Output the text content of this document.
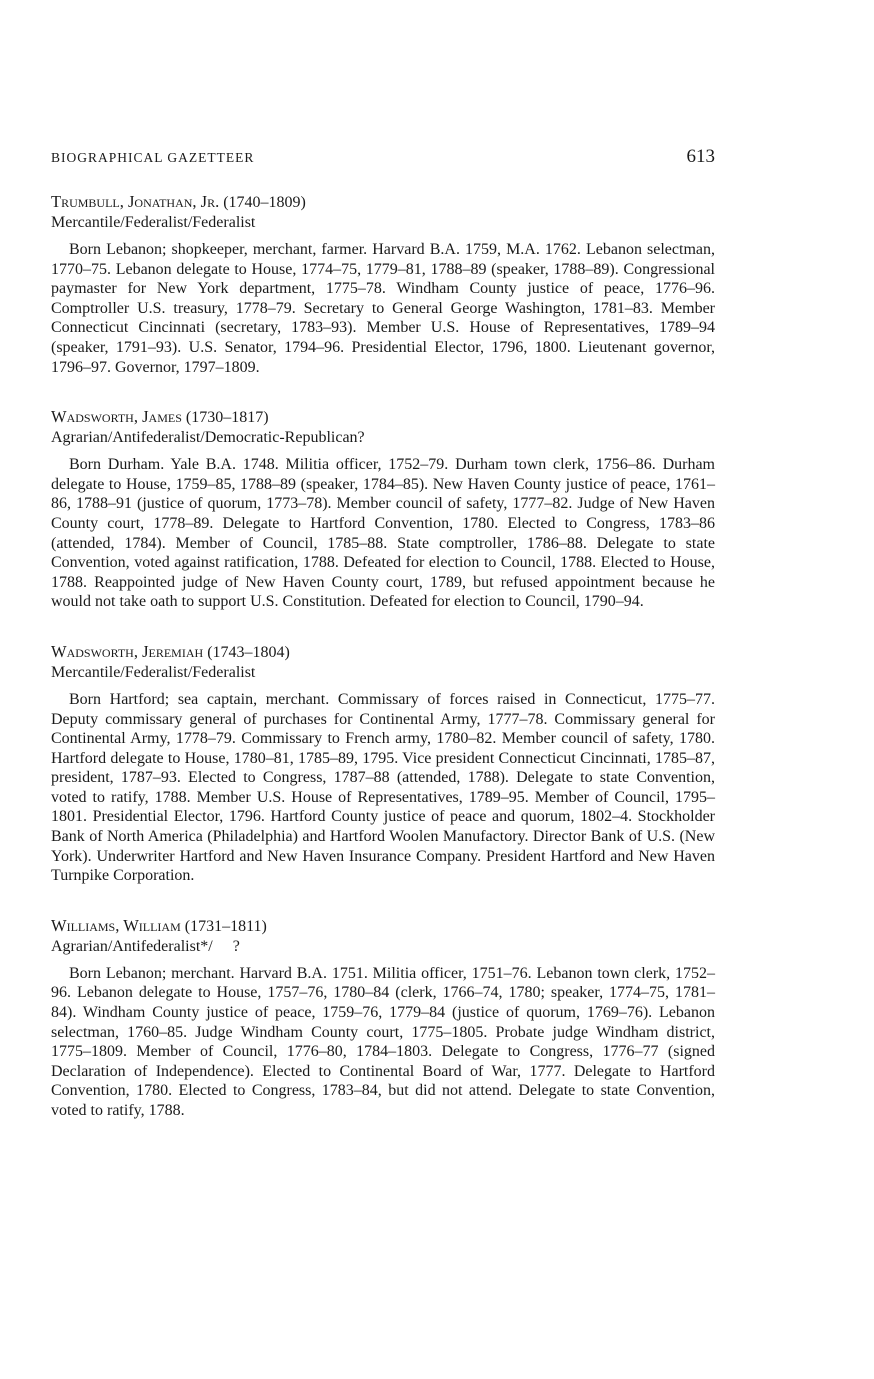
BIOGRAPHICAL GAZETTEER	613
Trumbull, Jonathan, Jr. (1740–1809)
Mercantile/Federalist/Federalist

Born Lebanon; shopkeeper, merchant, farmer. Harvard B.A. 1759, M.A. 1762. Lebanon selectman, 1770–75. Lebanon delegate to House, 1774–75, 1779–81, 1788–89 (speaker, 1788–89). Congressional paymaster for New York department, 1775–78. Windham County justice of peace, 1776–96. Comptroller U.S. treasury, 1778–79. Secretary to General George Washington, 1781–83. Member Connecticut Cincinnati (secretary, 1783–93). Member U.S. House of Representatives, 1789–94 (speaker, 1791–93). U.S. Senator, 1794–96. Presidential Elector, 1796, 1800. Lieutenant governor, 1796–97. Governor, 1797–1809.

Wadsworth, James (1730–1817)
Agrarian/Antifederalist/Democratic-Republican?

Born Durham. Yale B.A. 1748. Militia officer, 1752–79. Durham town clerk, 1756–86. Durham delegate to House, 1759–85, 1788–89 (speaker, 1784–85). New Haven County justice of peace, 1761–86, 1788–91 (justice of quorum, 1773–78). Member council of safety, 1777–82. Judge of New Haven County court, 1778–89. Delegate to Hartford Convention, 1780. Elected to Congress, 1783–86 (attended, 1784). Member of Council, 1785–88. State comptroller, 1786–88. Delegate to state Convention, voted against ratification, 1788. Defeated for election to Council, 1788. Elected to House, 1788. Reappointed judge of New Haven County court, 1789, but refused appointment because he would not take oath to support U.S. Constitution. Defeated for election to Council, 1790–94.

Wadsworth, Jeremiah (1743–1804)
Mercantile/Federalist/Federalist

Born Hartford; sea captain, merchant. Commissary of forces raised in Connecticut, 1775–77. Deputy commissary general of purchases for Continental Army, 1777–78. Commissary general for Continental Army, 1778–79. Commissary to French army, 1780–82. Member council of safety, 1780. Hartford delegate to House, 1780–81, 1785–89, 1795. Vice president Connecticut Cincinnati, 1785–87, president, 1787–93. Elected to Congress, 1787–88 (attended, 1788). Delegate to state Convention, voted to ratify, 1788. Member U.S. House of Representatives, 1789–95. Member of Council, 1795–1801. Presidential Elector, 1796. Hartford County justice of peace and quorum, 1802–4. Stockholder Bank of North America (Philadelphia) and Hartford Woolen Manufactory. Director Bank of U.S. (New York). Underwriter Hartford and New Haven Insurance Company. President Hartford and New Haven Turnpike Corporation.

Williams, William (1731–1811)
Agrarian/Antifederalist*/     ?

Born Lebanon; merchant. Harvard B.A. 1751. Militia officer, 1751–76. Lebanon town clerk, 1752–96. Lebanon delegate to House, 1757–76, 1780–84 (clerk, 1766–74, 1780; speaker, 1774–75, 1781–84). Windham County justice of peace, 1759–76, 1779–84 (justice of quorum, 1769–76). Lebanon selectman, 1760–85. Judge Windham County court, 1775–1805. Probate judge Windham district, 1775–1809. Member of Council, 1776–80, 1784–1803. Delegate to Congress, 1776–77 (signed Declaration of Independence). Elected to Continental Board of War, 1777. Delegate to Hartford Convention, 1780. Elected to Congress, 1783–84, but did not attend. Delegate to state Convention, voted to ratify, 1788.
